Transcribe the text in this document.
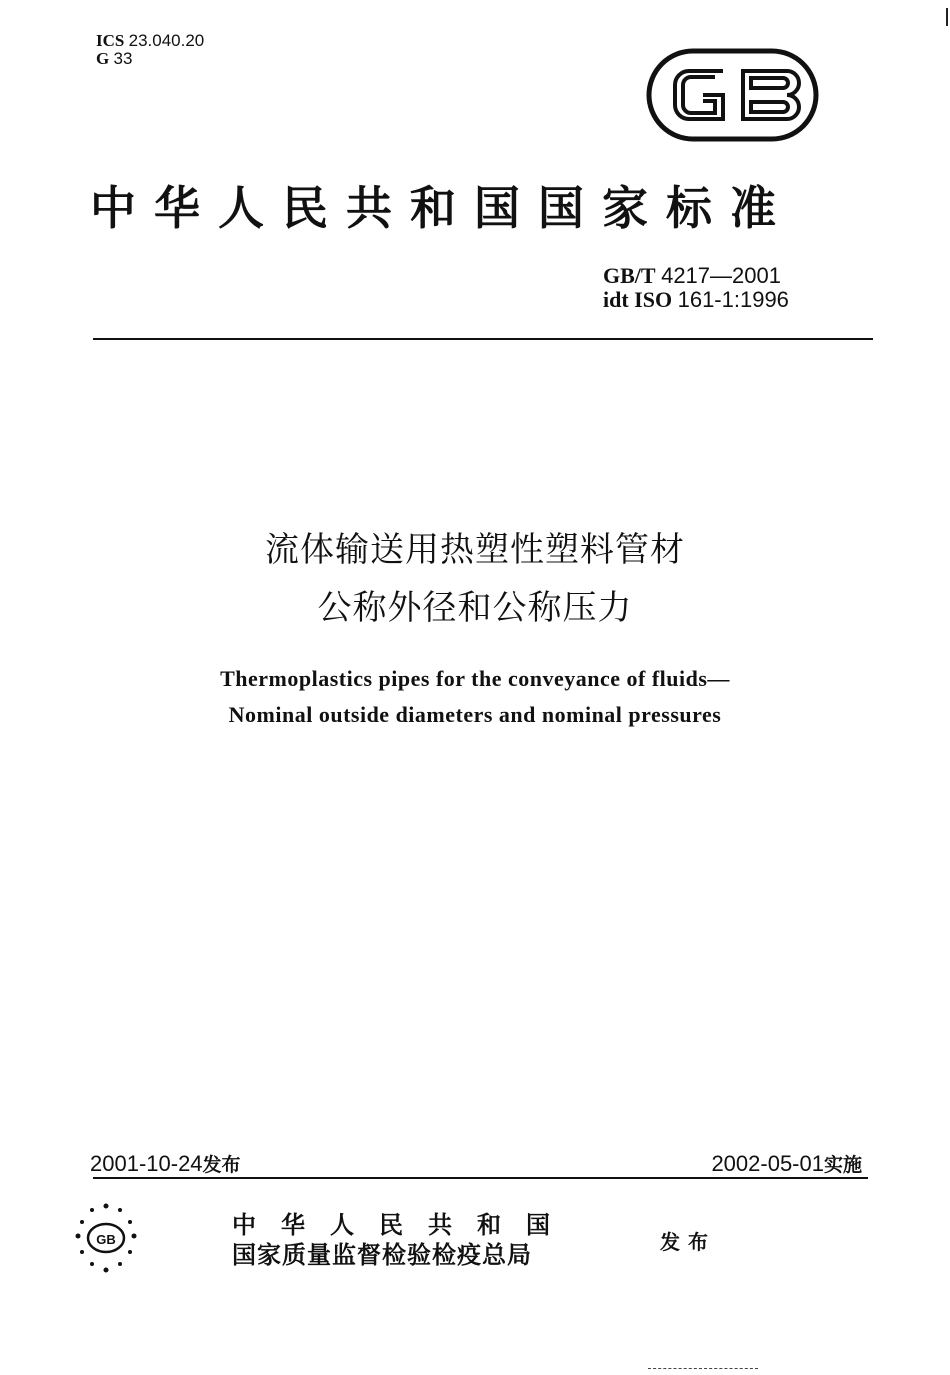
ICS 23.040.20
G 33
中华人民共和国国家标准
GB/T 4217—2001
idt ISO 161-1:1996
流体输送用热塑性塑料管材
公称外径和公称压力
Thermoplastics pipes for the conveyance of fluids—
Nominal outside diameters and nominal pressures
2001-10-24发布	2002-05-01实施
GB
中华人民共和国
国家质量监督检验检疫总局	发布
